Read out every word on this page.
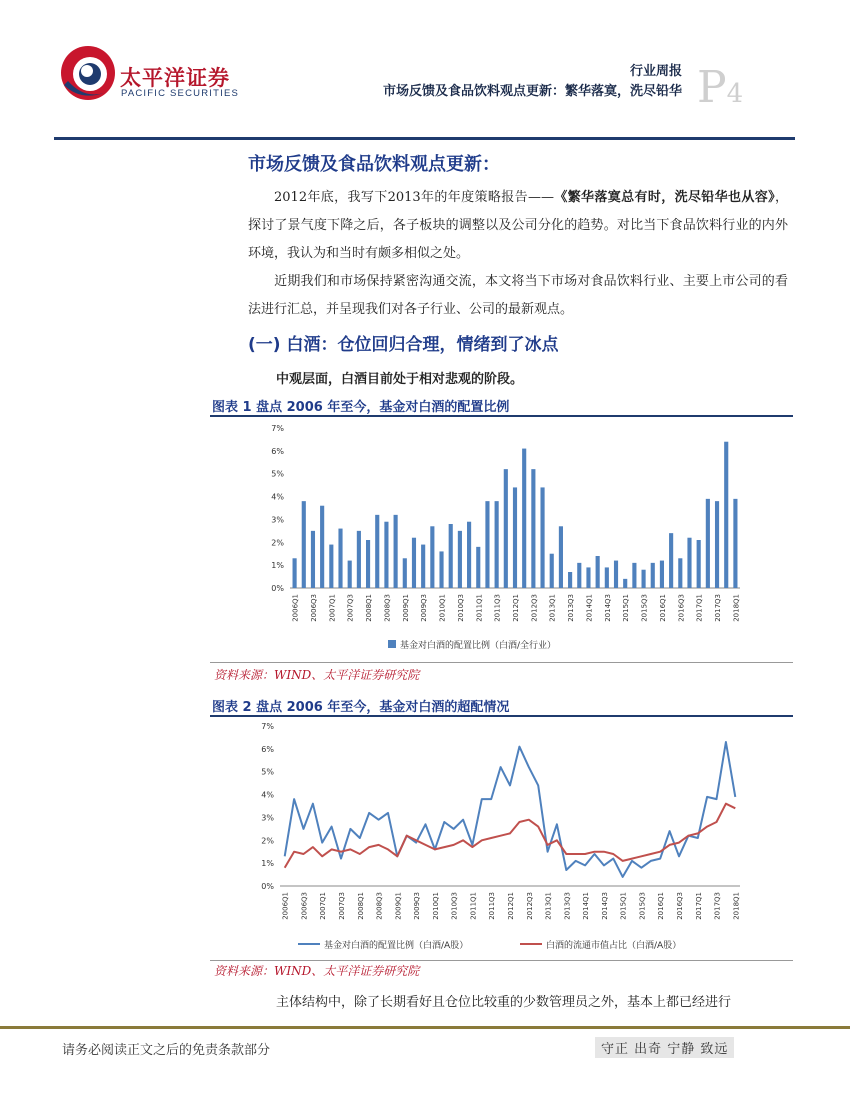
太平洋证券
PACIFIC SECURITIES
行业周报
市场反馈及食品饮料观点更新：繁华落寞，洗尽铅华 P4
市场反馈及食品饮料观点更新：
2012年底，我写下2013年的年度策略报告——《繁华落寞总有时，洗尽铅华也从容》，探讨了景气度下降之后，各子板块的调整以及公司分化的趋势。对比当下食品饮料行业的内外环境，我认为和当时有颇多相似之处。
近期我们和市场保持紧密沟通交流，本文将当下市场对食品饮料行业、主要上市公司的看法进行汇总，并呈现我们对各子行业、公司的最新观点。
(一) 白酒：仓位回归合理，情绪到了冰点
中观层面，白酒目前处于相对悲观的阶段。
图表 1 盘点 2006 年至今，基金对白酒的配置比例
0%
1%
2%
3%
4%
5%
6%
7%
2006Q1 2006Q3 2007Q1 2007Q3 2008Q1 2008Q3 2009Q1 2009Q3 2010Q1 2010Q3 2011Q1 2011Q3 2012Q1 2012Q3 2013Q1 2013Q3 2014Q1 2014Q3 2015Q1 2015Q3 2016Q1 2016Q3 2017Q1 2017Q3 2018Q1
基金对白酒的配置比例（白酒/全行业）
资料来源：WIND、太平洋证券研究院
图表 2 盘点 2006 年至今，基金对白酒的超配情况
0%
1%
2%
3%
4%
5%
6%
7%
2006Q1 2006Q3 2007Q1 2007Q3 2008Q1 2008Q3 2009Q1 2009Q3 2010Q1 2010Q3 2011Q1 2011Q3 2012Q1 2012Q3 2013Q1 2013Q3 2014Q1 2014Q3 2015Q1 2015Q3 2016Q1 2016Q3 2017Q1 2017Q3 2018Q1
基金对白酒的配置比例（白酒/A股）	白酒的流通市值占比（白酒/A股）
资料来源：WIND、太平洋证券研究院
主体结构中，除了长期看好且仓位比较重的少数管理员之外，基本上都已经进行
请务必阅读正文之后的免责条款部分	守正 出奇 宁静 致远
